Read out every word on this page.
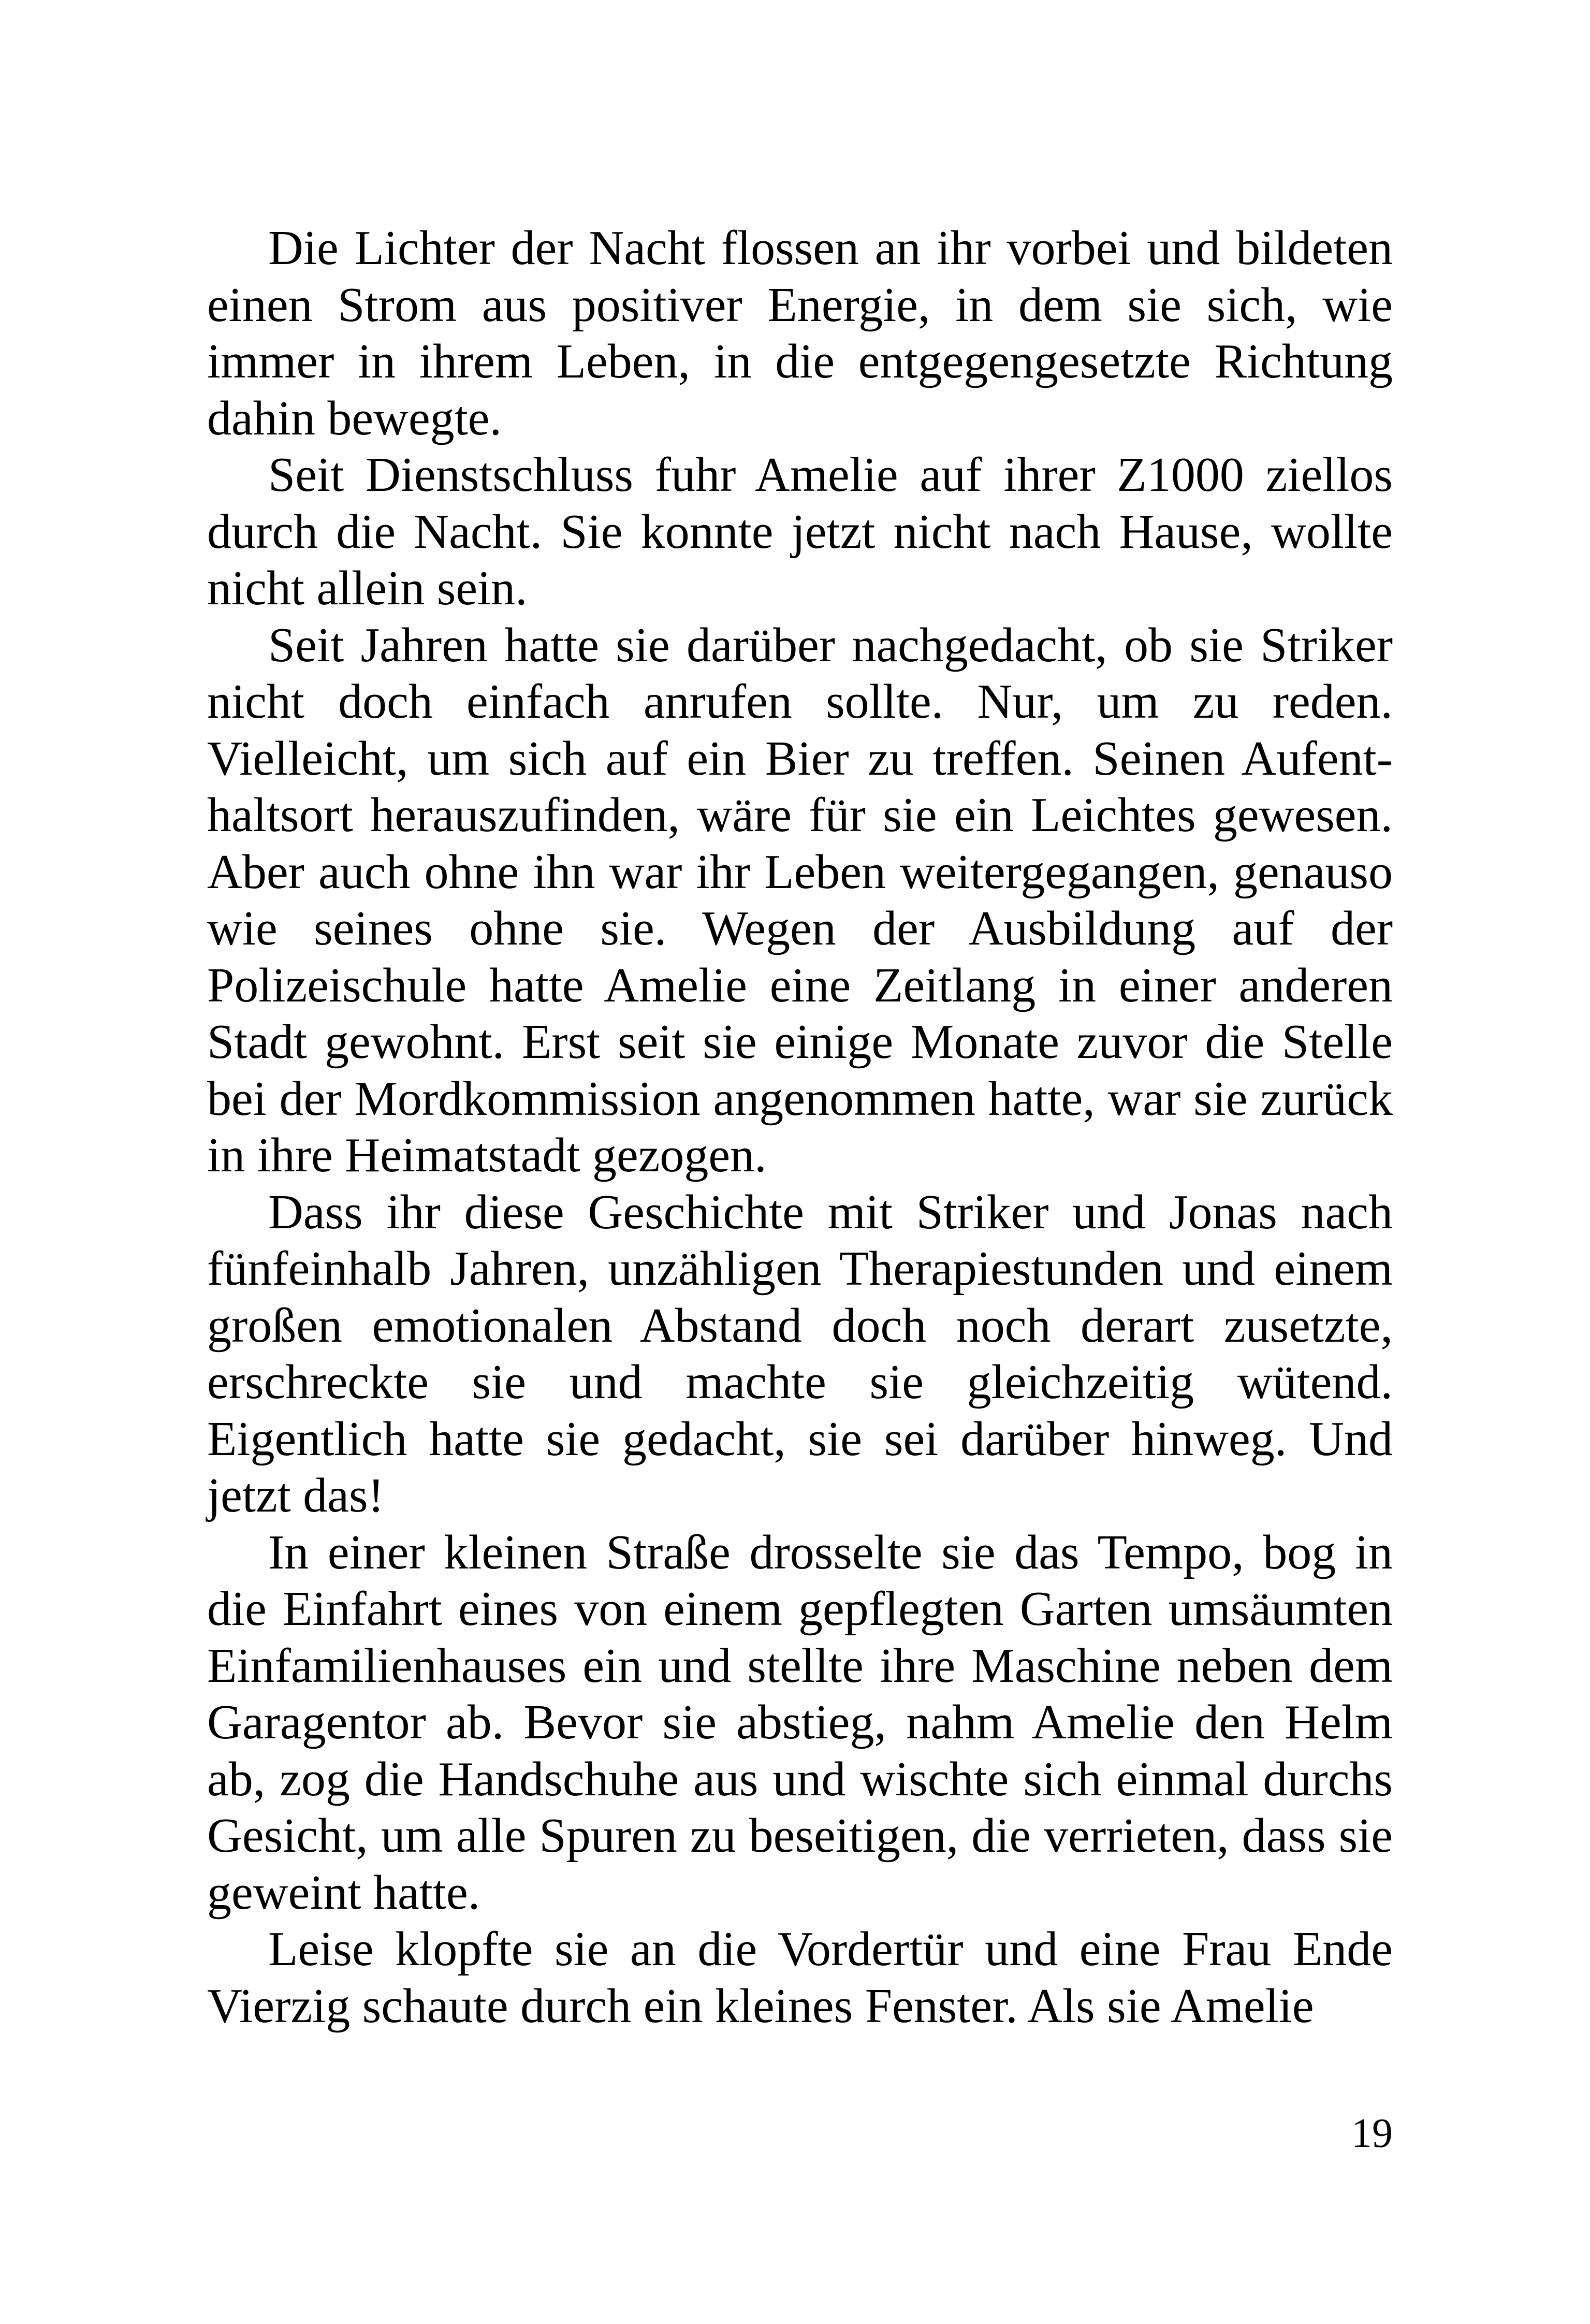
Die Lichter der Nacht flossen an ihr vorbei und bildeten einen Strom aus positiver Energie, in dem sie sich, wie immer in ihrem Leben, in die entgegengesetzte Richtung dahin bewegte.

Seit Dienstschluss fuhr Amelie auf ihrer Z1000 ziellos durch die Nacht. Sie konnte jetzt nicht nach Hause, wollte nicht allein sein.

Seit Jahren hatte sie darüber nachgedacht, ob sie Striker nicht doch einfach anrufen sollte. Nur, um zu reden. Vielleicht, um sich auf ein Bier zu treffen. Seinen Aufenthaltsort herauszufinden, wäre für sie ein Leichtes gewesen. Aber auch ohne ihn war ihr Leben weitergegangen, genauso wie seines ohne sie. Wegen der Ausbildung auf der Polizeischule hatte Amelie eine Zeitlang in einer anderen Stadt gewohnt. Erst seit sie einige Monate zuvor die Stelle bei der Mordkommission angenommen hatte, war sie zurück in ihre Heimatstadt gezogen.

Dass ihr diese Geschichte mit Striker und Jonas nach fünfeinhalb Jahren, unzähligen Therapiestunden und einem großen emotionalen Abstand doch noch derart zusetzte, erschreckte sie und machte sie gleichzeitig wütend. Eigentlich hatte sie gedacht, sie sei darüber hinweg. Und jetzt das!

In einer kleinen Straße drosselte sie das Tempo, bog in die Einfahrt eines von einem gepflegten Garten umsäumten Einfamilienhauses ein und stellte ihre Maschine neben dem Garagentor ab. Bevor sie abstieg, nahm Amelie den Helm ab, zog die Handschuhe aus und wischte sich einmal durchs Gesicht, um alle Spuren zu beseitigen, die verrieten, dass sie geweint hatte.

Leise klopfte sie an die Vordertür und eine Frau Ende Vierzig schaute durch ein kleines Fenster. Als sie Amelie

19
